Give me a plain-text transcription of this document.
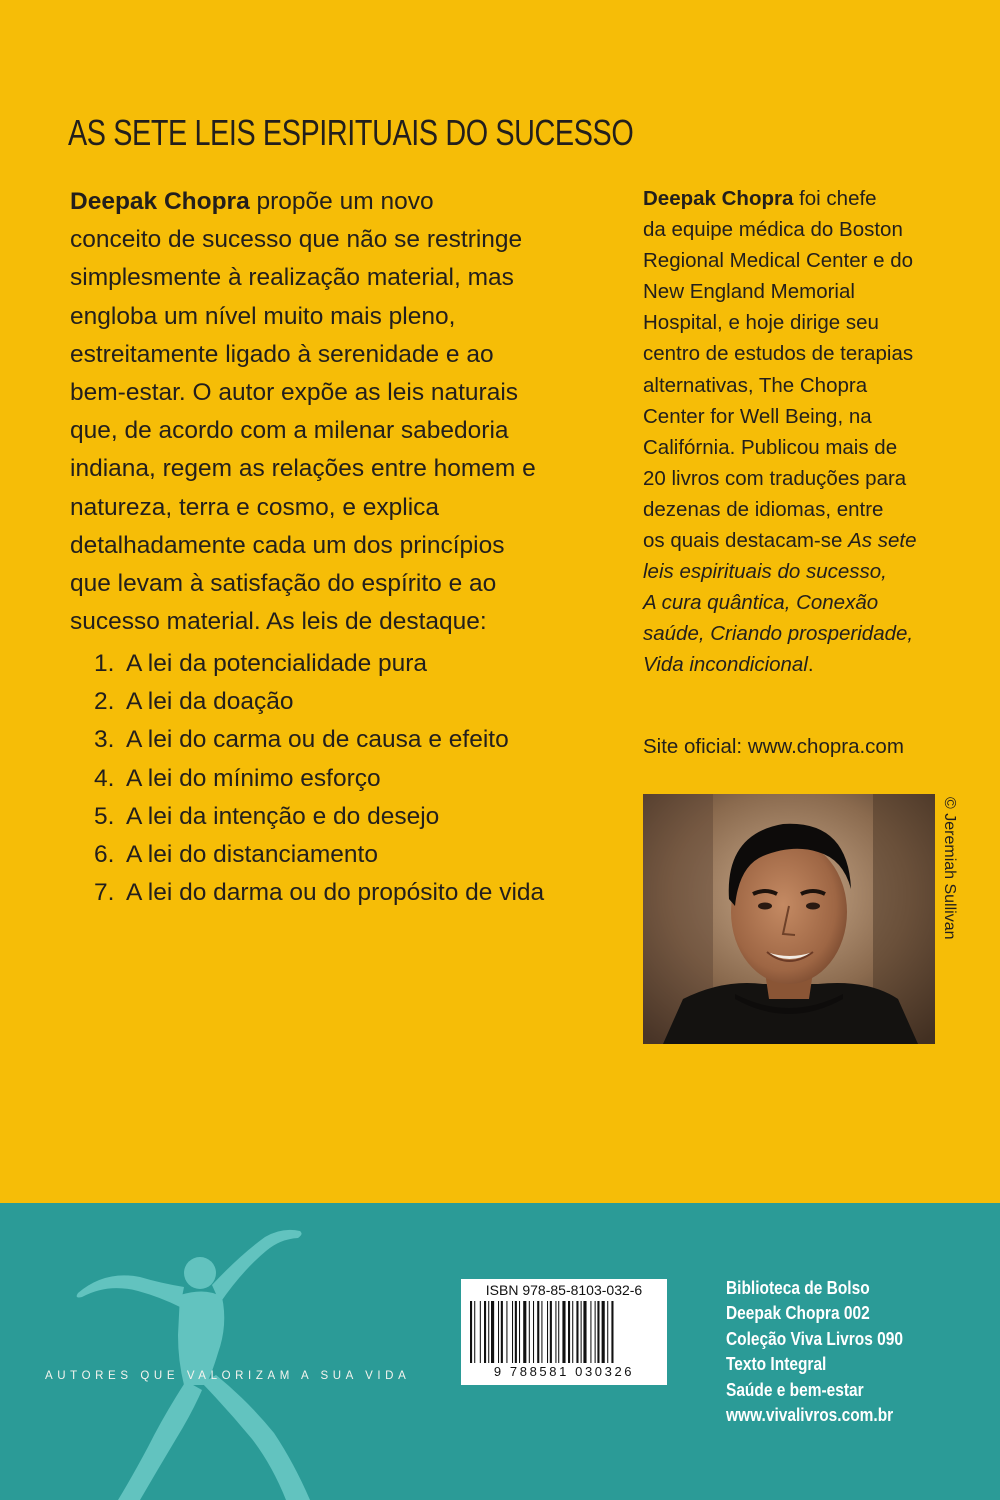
AS SETE LEIS ESPIRITUAIS DO SUCESSO
Deepak Chopra propõe um novo
conceito de sucesso que não se restringe
simplesmente à realização material, mas
engloba um nível muito mais pleno,
estreitamente ligado à serenidade e ao
bem-estar. O autor expõe as leis naturais
que, de acordo com a milenar sabedoria
indiana, regem as relações entre homem e
natureza, terra e cosmo, e explica
detalhadamente cada um dos princípios
que levam à satisfação do espírito e ao
sucesso material. As leis de destaque:
1. A lei da potencialidade pura
2. A lei da doação
3. A lei do carma ou de causa e efeito
4. A lei do mínimo esforço
5. A lei da intenção e do desejo
6. A lei do distanciamento
7. A lei do darma ou do propósito de vida
Deepak Chopra foi chefe
da equipe médica do Boston
Regional Medical Center e do
New England Memorial
Hospital, e hoje dirige seu
centro de estudos de terapias
alternativas, The Chopra
Center for Well Being, na
Califórnia. Publicou mais de
20 livros com traduções para
dezenas de idiomas, entre
os quais destacam-se As sete
leis espirituais do sucesso,
A cura quântica, Conexão
saúde, Criando prosperidade,
Vida incondicional.
Site oficial: www.chopra.com
© Jeremiah Sullivan
AUTORES QUE VALORIZAM A SUA VIDA
ISBN 978-85-8103-032-6
9 788581 030326
Biblioteca de Bolso
Deepak Chopra 002
Coleção Viva Livros 090
Texto Integral
Saúde e bem-estar
www.vivalivros.com.br
